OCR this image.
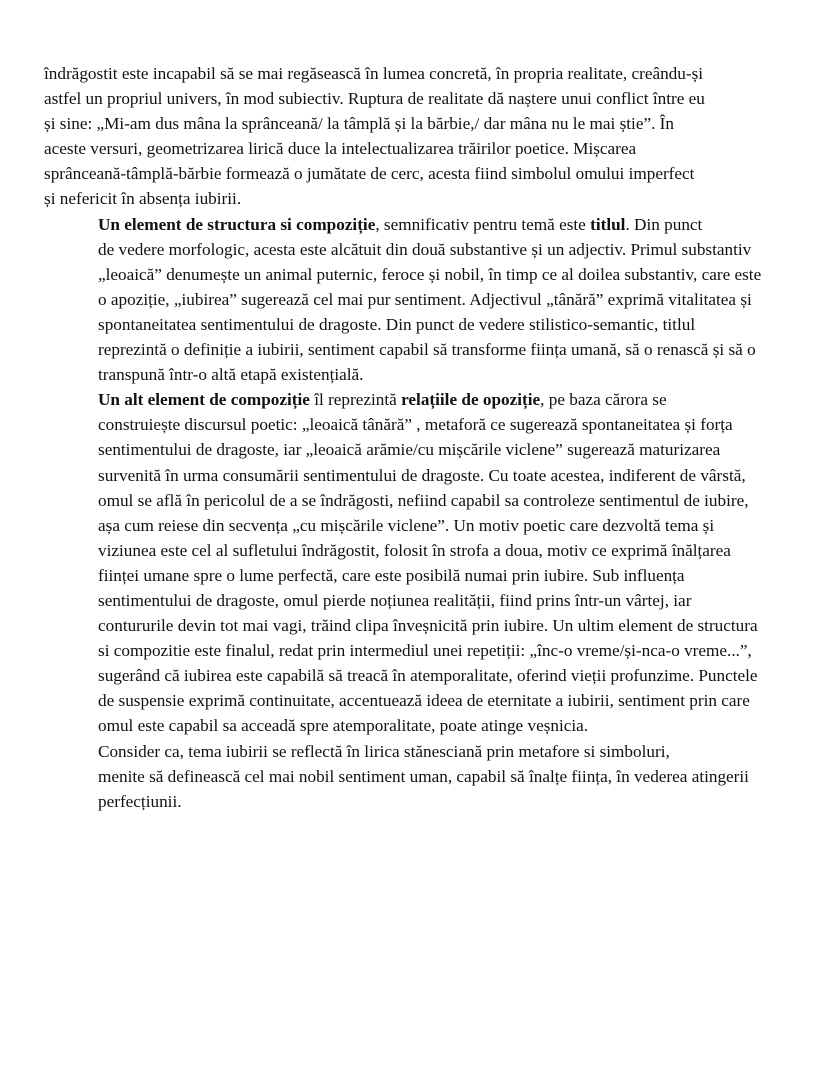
îndrăgostit este incapabil să se mai regăsească în lumea concretă, în propria realitate, creându-și
astfel un propriul univers, în mod subiectiv. Ruptura de realitate dă naștere unui conflict între eu
și sine: „Mi-am dus mâna la sprânceană/ la tâmplă și la bărbie,/ dar mâna nu le mai știe”. În
aceste versuri, geometrizarea lirică duce la intelectualizarea trăirilor poetice. Mișcarea
sprânceană-tâmplă-bărbie formează o jumătate de cerc, acesta fiind simbolul omului imperfect
și nefericit în absența iubirii.
Un element de structura si compoziție, semnificativ pentru temă este titlul. Din punct
de vedere morfologic, acesta este alcătuit din două substantive și un adjectiv. Primul substantiv
„leoaică” denumește un animal puternic, feroce și nobil, în timp ce al doilea substantiv, care este
o apoziție, „iubirea” sugerează cel mai pur sentiment. Adjectivul „tânără” exprimă vitalitatea și
spontaneitatea sentimentului de dragoste. Din punct de vedere stilistico-semantic, titlul
reprezintă o definiție a iubirii, sentiment capabil să transforme ființa umană, să o renască și să o
transpună într-o altă etapă existențială.
Un alt element de compoziție îl reprezintă relațiile de opoziție, pe baza cărora se
construiește discursul poetic: „leoaică tânără” , metaforă ce sugerează spontaneitatea și forța
sentimentului de dragoste, iar „leoaică arămie/cu mișcările viclene” sugerează maturizarea
survenită în urma consumării sentimentului de dragoste. Cu toate acestea, indiferent de vârstă,
omul se află în pericolul de a se îndrăgosti, nefiind capabil sa controleze sentimentul de iubire,
așa cum reiese din secvența „cu mișcările viclene”. Un motiv poetic care dezvoltă tema și
viziunea este cel al sufletului îndrăgostit, folosit în strofa a doua, motiv ce exprimă înălțarea
ființei umane spre o lume perfectă, care este posibilă numai prin iubire. Sub influența
sentimentului de dragoste, omul pierde noțiunea realității, fiind prins într-un vârtej, iar
contururile devin tot mai vagi, trăind clipa înveșnicită prin iubire. Un ultim element de structura
si compozitie este finalul, redat prin intermediul unei repetiții: „înc-o vreme/și-nca-o vreme...”,
sugerând că iubirea este capabilă să treacă în atemporalitate, oferind vieții profunzime. Punctele
de suspensie exprimă continuitate, accentuează ideea de eternitate a iubirii, sentiment prin care
omul este capabil sa acceadă spre atemporalitate, poate atinge veșnicia.
Consider ca, tema iubirii se reflectă în lirica stănesciană prin metafore si simboluri,
menite să definească cel mai nobil sentiment uman, capabil să înalțe ființa, în vederea atingerii
perfecțiunii.
